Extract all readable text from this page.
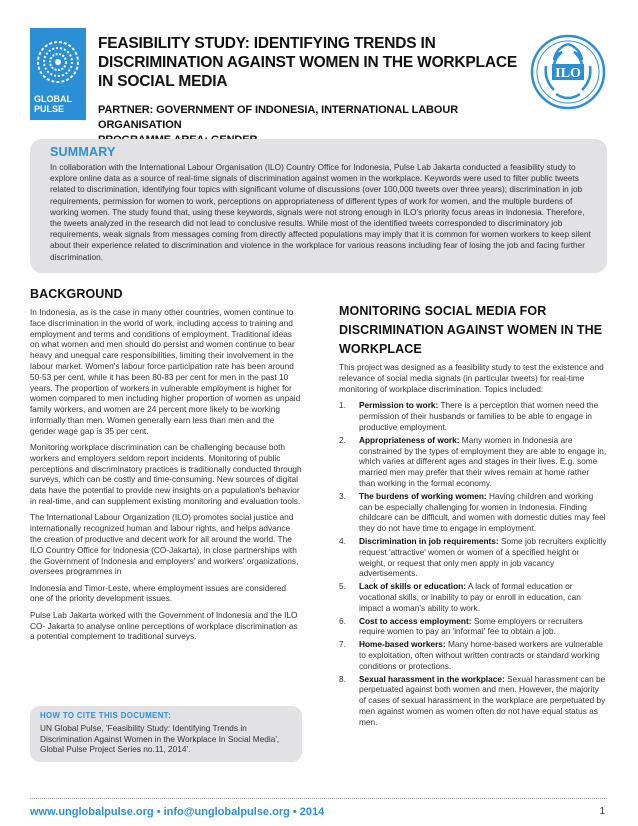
GLOBAL PULSE
FEASIBILITY STUDY: IDENTIFYING TRENDS IN DISCRIMINATION AGAINST WOMEN IN THE WORKPLACE IN SOCIAL MEDIA
PARTNER: GOVERNMENT OF INDONESIA, INTERNATIONAL LABOUR ORGANISATION
ILO
SUMMARY

In collaboration with the International Labour Organisation (ILO) Country Office for Indonesia, Pulse Lab Jakarta conducted a feasibility study to explore online data as a source of real-time signals of discrimination against women in the workplace. Keywords were used to filter public tweets related to discrimination, identifying four topics with significant volume of discussions (over 100,000 tweets over three years); discrimination in job requirements, permission for women to work, perceptions on appropriateness of different types of work for women, and the multiple burdens of working women. The study found that, using these keywords, signals were not strong enough in ILO's priority focus areas in Indonesia. Therefore, the tweets analyzed in the research did not lead to conclusive results. While most of the identified tweets corresponded to discriminatory job requirements, weak signals from messages coming from directly affected populations may imply that it is common for women workers to keep silent about their experience related to discrimination and violence in the workplace for various reasons including fear of losing the job and facing further discrimination.

BACKGROUND

In Indonesia, as is the case in many other countries, women continue to face discrimination in the world of work, including access to training and employment and terms and conditions of employment. Traditional ideas on what women and men should do persist and women continue to bear heavy and unequal care responsibilities, limiting their involvement in the labour market. Women's labour force participation rate has been around 50-53 per cent, while it has been 80-83 per cent for men in the past 10 years. The proportion of workers in vulnerable employment is higher for women compared to men including higher proportion of women as unpaid family workers, and women are 24 percent more likely to be working informally than men. Women generally earn less than men and the gender wage gap is 35 per cent.

Monitoring workplace discrimination can be challenging because both workers and employers seldom report incidents. Monitoring of public perceptions and discriminatory practices is traditionally conducted through surveys, which can be costly and time-consuming. New sources of digital data have the potential to provide new insights on a population's behavior in real-time, and can supplement existing monitoring and evaluation tools.

The International Labour Organization (ILO) promotes social justice and internationally recognized human and labour rights, and helps advance the creation of productive and decent work for all around the world. The ILO Country Office for Indonesia (CO-Jakarta), in close partnerships with the Government of Indonesia and employers' and workers' organizations, oversees programmes in

Indonesia and Timor-Leste, where employment issues are considered one of the priority development issues.

Pulse Lab Jakarta worked with the Government of Indonesia and the ILO CO- Jakarta to analyse online perceptions of workplace discrimination as a potential complement to traditional surveys.

HOW TO CITE THIS DOCUMENT:

UN Global Pulse, 'Feasibility Study: Identifying Trends in Discrimination Against Women in the Workplace In Social Media', Global Pulse Project Series no.11, 2014'.

MONITORING SOCIAL MEDIA FOR DISCRIMINATION AGAINST WOMEN IN THE WORKPLACE

This project was designed as a feasibility study to test the existence and relevance of social media signals (in particular tweets) for real-time monitoring of workplace discrimination. Topics included:

1. Permission to work: There is a perception that women need the permission of their husbands or families to be able to engage in productive employment.
2. Appropriateness of work: Many women in Indonesia are constrained by the types of employment they are able to engage in, which varies at different ages and stages in their lives. E.g. some married men may prefer that their wives remain at home rather than working in the formal economy.
3. The burdens of working women: Having children and working can be especially challenging for women in Indonesia. Finding childcare can be difficult, and women with domestic duties may feel they do not have time to engage in employment.
4. Discrimination in job requirements: Some job recruiters explicitly request 'attractive' women or women of a specified height or weight, or request that only men apply in job vacancy advertisements.
5. Lack of skills or education: A lack of formal education or vocational skills, or inability to pay or enroll in education, can impact a woman's ability to work.
6. Cost to access employment: Some employers or recruiters require women to pay an 'informal' fee to obtain a job.
7. Home-based workers: Many home-based workers are vulnerable to exploitation, often without written contracts or standard working conditions or protections.
8. Sexual harassment in the workplace: Sexual harassment can be perpetuated against both women and men. However, the majority of cases of sexual harassment in the workplace are perpetuated by men against women as women often do not have equal status as men.
www.unglobalpulse.org • info@unglobalpulse.org • 2014	1
